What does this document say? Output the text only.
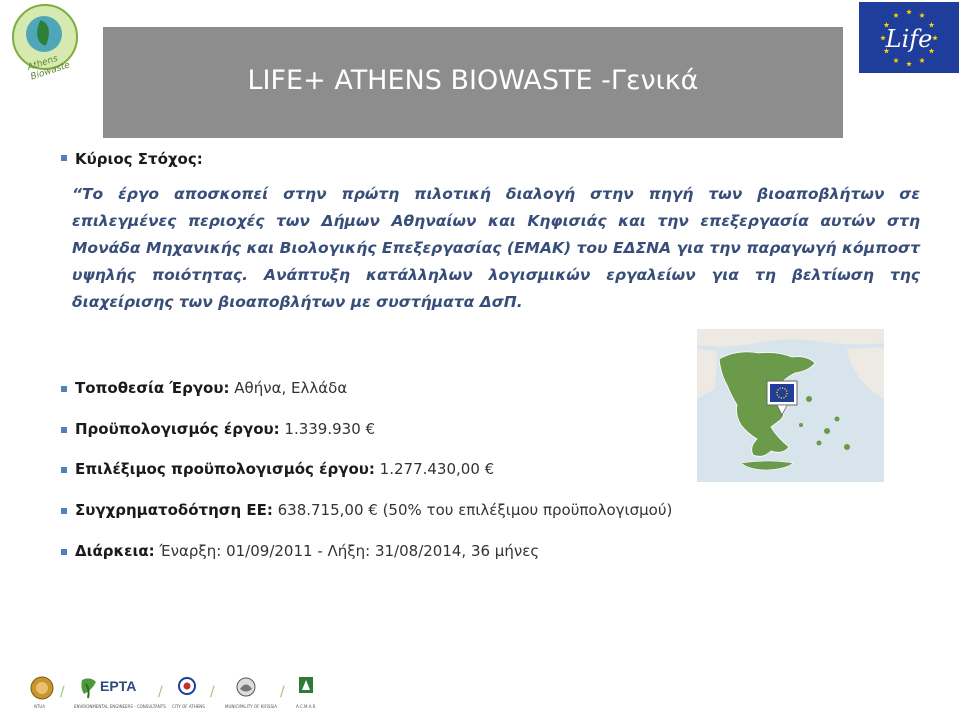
Athens Biowaste	LIFE+ ATHENS BIOWASTE -Γενικά
Life
Κύριος Στόχος:
“Το έργο αποσκοπεί στην πρώτη πιλοτική διαλογή στην πηγή των βιοαποβλήτων σε επιλεγμένες περιοχές των Δήμων Αθηναίων και Κηφισιάς και την επεξεργασία αυτών στη Μονάδα Μηχανικής και Βιολογικής Επεξεργασίας (ΕΜΑΚ) του ΕΔΣΝΑ για την παραγωγή κόμποστ υψηλής ποιότητας. Ανάπτυξη κατάλληλων λογισμικών εργαλείων για τη βελτίωση της διαχείρισης των βιοαποβλήτων με συστήματα ΔσΠ.
Τοποθεσία Έργου: Αθήνα, Ελλάδα
Προϋπολογισμός έργου: 1.339.930 €
Επιλέξιμος προϋπολογισμός έργου: 1.277.430,00 €
Συγχρηματοδότηση ΕΕ: 638.715,00 € (50% του επιλέξιμου προϋπολογισμού)
Διάρκεια: Έναρξη: 01/09/2011 - Λήξη: 31/08/2014, 36 μήνες
NTUA
/	EPTA
ENVIRONMENTAL ENGINEERS - CONSULTANTS
/
CITY OF ATHENS
/
MUNICIPALITY OF KIFISSIA
/
A.C.M.A.R.
